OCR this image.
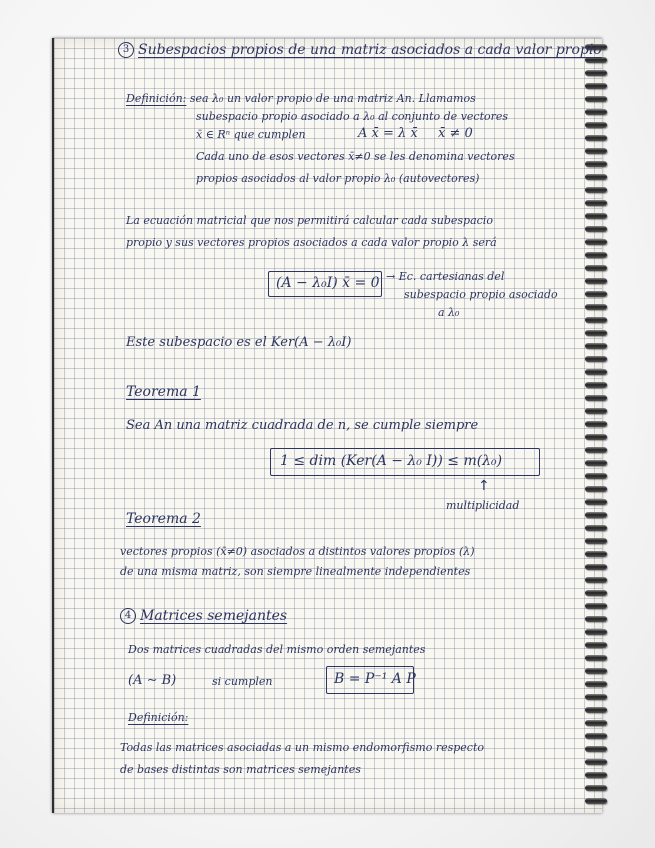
3 Subespacios propios de una matriz asociados a cada valor propio

Definición: sea λ₀ un valor propio de una matriz An. Llamamos

subespacio propio asociado a λ₀ al conjunto de vectores

x̄ ∈ Rⁿ que cumplen	A x̄ = λ x̄ x̄ ≠ 0

Cada uno de esos vectores x̄≠0 se les denomina vectores

propios asociados al valor propio λ₀ (autovectores)

La ecuación matricial que nos permitirá calcular cada subespacio

propio y sus vectores propios asociados a cada valor propio λ será

(A − λ₀I) x̄ = 0 → Ec. cartesianas del

subespacio propio asociado

a λ₀

Este subespacio es el Ker(A − λ₀I)

Teorema 1

Sea An una matriz cuadrada de n, se cumple siempre

1 ≤ dim (Ker(A − λ₀ I)) ≤ m(λ₀)

↑

multiplicidad

Teorema 2

vectores propios (x̄≠0) asociados a distintos valores propios (λ)

de una misma matriz, son siempre linealmente independientes

4 Matrices semejantes

Dos matrices cuadradas del mismo orden semejantes

(A ∼ B)	si cumplen	B = P⁻¹ A P

Definición:

Todas las matrices asociadas a un mismo endomorfismo respecto

de bases distintas son matrices semejantes
